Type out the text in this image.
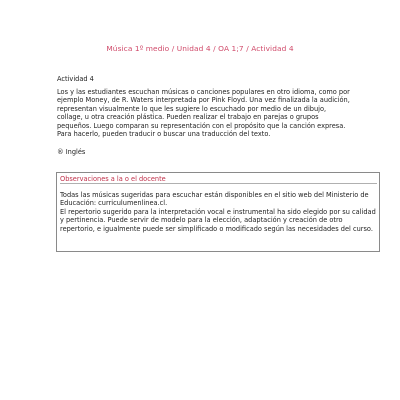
Música 1º medio / Unidad 4 / OA 1;7 / Actividad 4
Actividad 4
Los y las estudiantes escuchan músicas o canciones populares en otro idioma, como por ejemplo Money, de R. Waters interpretada por Pink Floyd. Una vez finalizada la audición, representan visualmente lo que les sugiere lo escuchado por medio de un dibujo, collage, u otra creación plástica. Pueden realizar el trabajo en parejas o grupos pequeños. Luego comparan su representación con el propósito que la canción expresa. Para hacerlo, pueden traducir o buscar una traducción del texto.
® Inglés
Observaciones a la o el docente

Todas las músicas sugeridas para escuchar están disponibles en el sitio web del Ministerio de Educación: curriculumenlinea.cl.

El repertorio sugerido para la interpretación vocal e instrumental ha sido elegido por su calidad y pertinencia. Puede servir de modelo para la elección, adaptación y creación de otro repertorio, e igualmente puede ser simplificado o modificado según las necesidades del curso.
